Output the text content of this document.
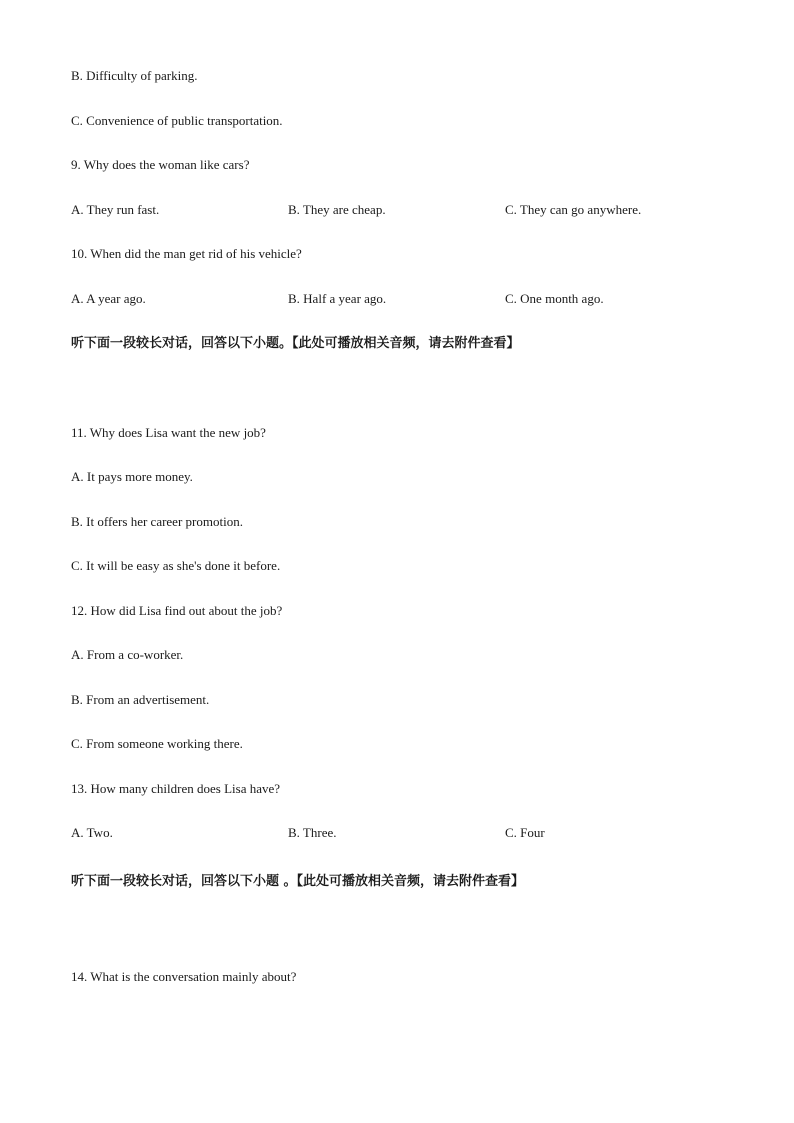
B. Difficulty of parking.
C. Convenience of public transportation.
9. Why does the woman like cars?
A. They run fast.	B. They are cheap.	C. They can go anywhere.
10. When did the man get rid of his vehicle?
A. A year ago.	B. Half a year ago.	C. One month ago.
听下面一段较长对话，回答以下小题。【此处可播放相关音频，请去附件查看】
11. Why does Lisa want the new job?
A. It pays more money.
B. It offers her career promotion.
C. It will be easy as she's done it before.
12. How did Lisa find out about the job?
A. From a co-worker.
B. From an advertisement.
C. From someone working there.
13. How many children does Lisa have?
A. Two.	B. Three.	C. Four
听下面一段较长对话，回答以下小题 。【此处可播放相关音频，请去附件查看】
14. What is the conversation mainly about?
